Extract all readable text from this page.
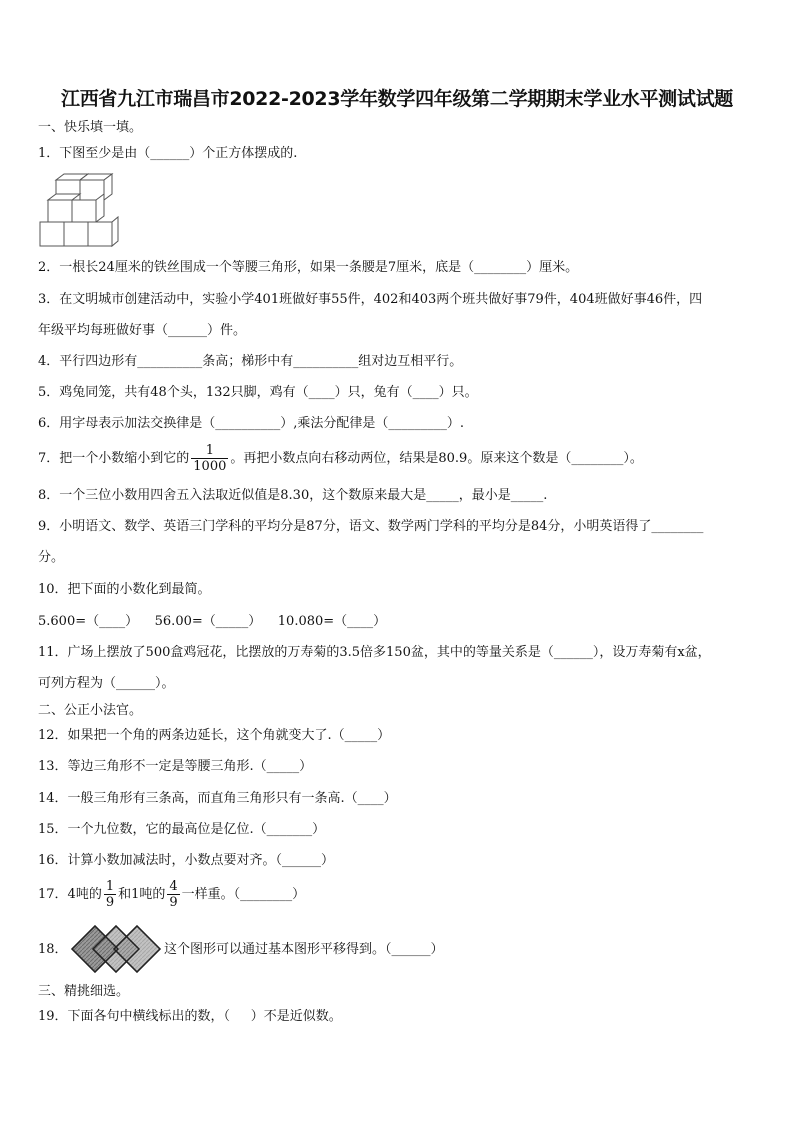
江西省九江市瑞昌市2022-2023学年数学四年级第二学期期末学业水平测试试题
一、快乐填一填。
1．下图至少是由（______）个正方体摆成的.
2．一根长24厘米的铁丝围成一个等腰三角形，如果一条腰是7厘米，底是（________）厘米。
3．在文明城市创建活动中，实验小学401班做好事55件，402和403两个班共做好事79件，404班做好事46件，四
年级平均每班做好事（______）件。
4．平行四边形有__________条高；梯形中有__________组对边互相平行。
5．鸡兔同笼，共有48个头，132只脚，鸡有（____）只，兔有（____）只。
6．用字母表示加法交换律是（__________）,乘法分配律是（_________）.
7．把一个小数缩小到它的 $\frac{1}{1000}$ 。再把小数点向右移动两位，结果是80.9。原来这个数是（________）。
8．一个三位小数用四舍五入法取近似值是8.30，这个数原来最大是_____，最小是_____.
9．小明语文、数学、英语三门学科的平均分是87分，语文、数学两门学科的平均分是84分，小明英语得了________
分。
10．把下面的小数化到最简。
5.600=（____）    56.00=（_____）    10.080=（____）
11．广场上摆放了500盒鸡冠花，比摆放的万寿菊的3.5倍多150盆，其中的等量关系是（______），设万寿菊有x盆，
可列方程为（______）。
二、公正小法官。
12．如果把一个角的两条边延长，这个角就变大了.（_____）
13．等边三角形不一定是等腰三角形.（_____）
14．一般三角形有三条高，而直角三角形只有一条高.（____）
15．一个九位数，它的最高位是亿位.（_______）
16．计算小数加减法时，小数点要对齐。（______）
17．4吨的 $\frac{1}{9}$ 和1吨的 $\frac{4}{9}$ 一样重。（________）
18．	这个图形可以通过基本图形平移得到。（______）
三、精挑细选。
19．下面各句中横线标出的数，（     ）不是近似数。
